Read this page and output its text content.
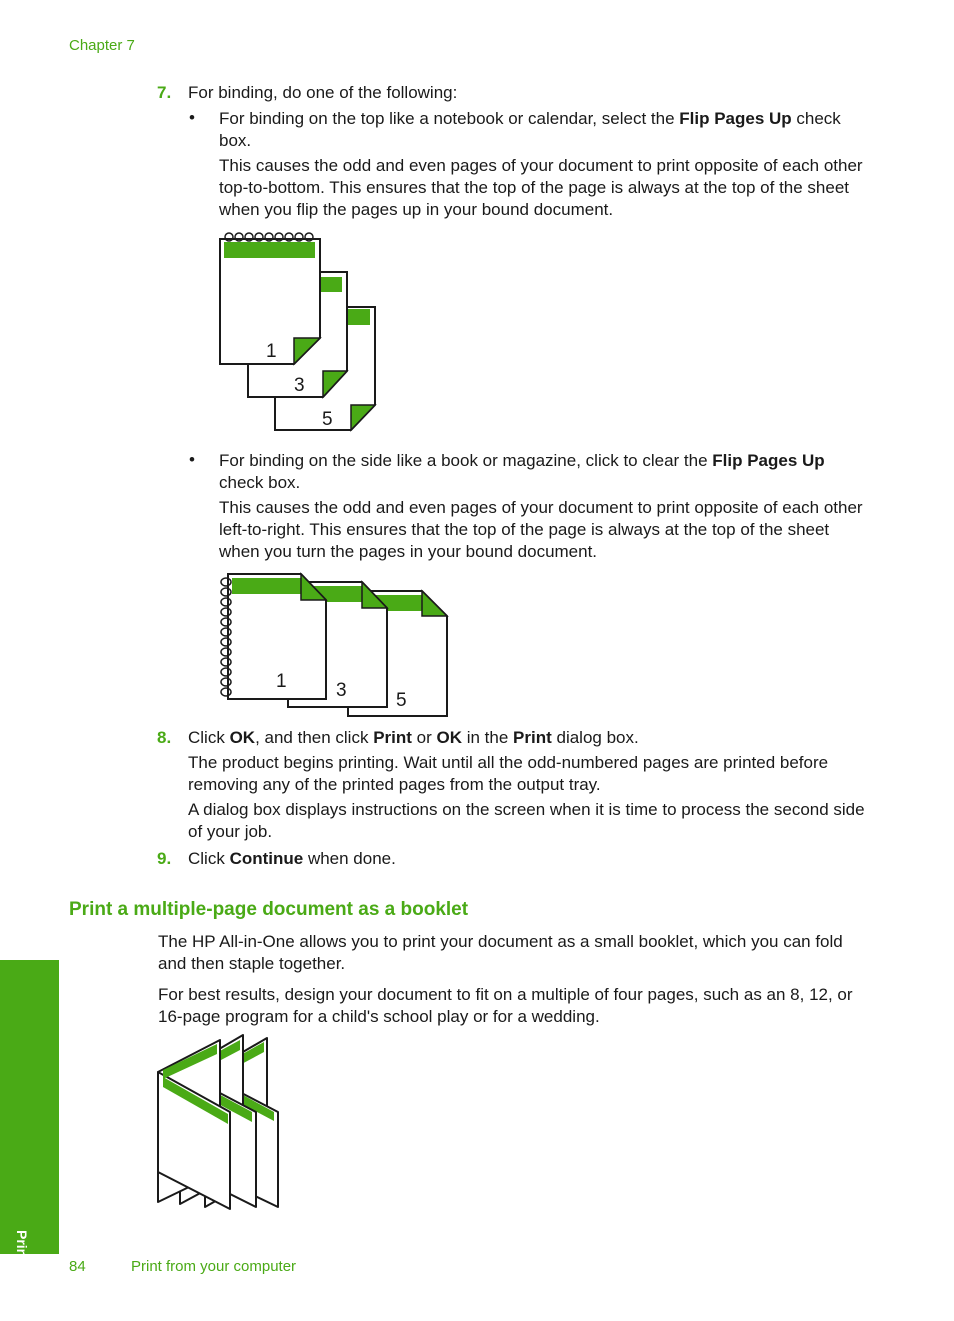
Chapter 7
7. For binding, do one of the following:
• For binding on the top like a notebook or calendar, select the Flip Pages Up check box.
This causes the odd and even pages of your document to print opposite of each other top-to-bottom. This ensures that the top of the page is always at the top of the sheet when you flip the pages up in your bound document.
5
3
1
• For binding on the side like a book or magazine, click to clear the Flip Pages Up check box.
This causes the odd and even pages of your document to print opposite of each other left-to-right. This ensures that the top of the page is always at the top of the sheet when you turn the pages in your bound document.
5
3
1
8. Click OK, and then click Print or OK in the Print dialog box.
The product begins printing. Wait until all the odd-numbered pages are printed before removing any of the printed pages from the output tray.
A dialog box displays instructions on the screen when it is time to process the second side of your job.
9. Click Continue when done.
Print a multiple-page document as a booklet
The HP All-in-One allows you to print your document as a small booklet, which you can fold and then staple together.
For best results, design your document to fit on a multiple of four pages, such as an 8, 12, or 16-page program for a child's school play or for a wedding.
Print
84	Print from your computer
